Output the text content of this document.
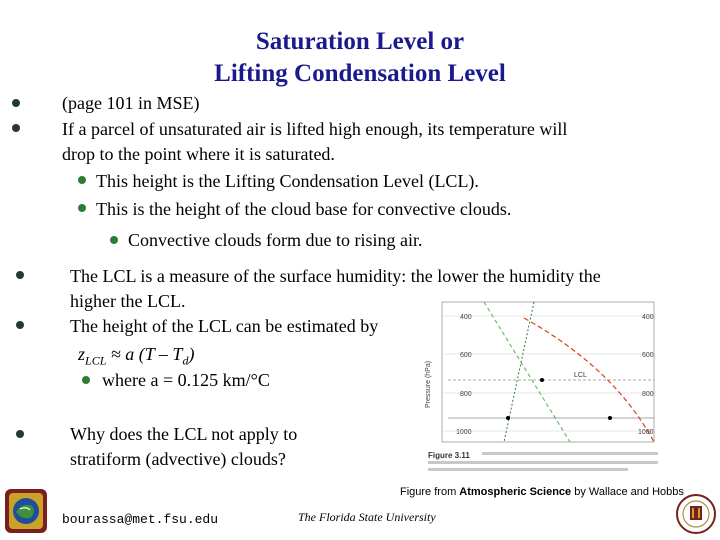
Saturation Level or
Lifting Condensation Level
(page 101 in MSE)
If a parcel of unsaturated air is lifted high enough, its temperature will
drop to the point where it is saturated.
This height is the Lifting Condensation Level (LCL).
This is the height of the cloud base for convective clouds.
Convective clouds form due to rising air.
The LCL is a measure of the surface humidity: the lower the humidity the
higher the LCL.
The height of the LCL can be estimated by
$z_{LCL} \approx a$ $(T - T_d)$
where a = 0.125 km/°C
Why does the LCL not apply to
stratiform (advective) clouds?
Pressure (hPa)
400
600
800
1000
400
600
800
1000
LCL
Figure 3.11
Figure from Atmospheric Science by Wallace and Hobbs
bourassa@met.fsu.edu	The Florida State University
